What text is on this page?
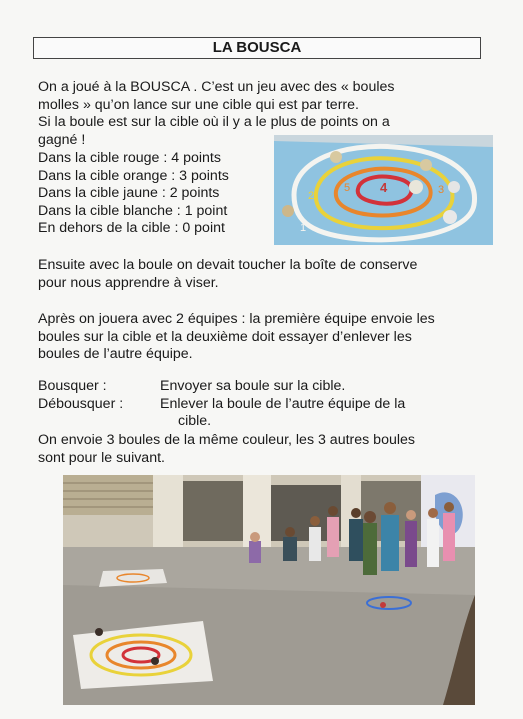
LA BOUSCA
On a joué à la BOUSCA . C’est un jeu avec des « boules
molles » qu’on lance sur une cible qui est par terre.
Si la boule est sur la cible où il y a le plus de points on a
gagné !
Dans la cible rouge : 4 points
Dans la cible orange : 3 points
Dans la cible jaune : 2 points
Dans la cible blanche : 1 point
En dehors de la cible : 0 point
4
5	3
2
1
Ensuite avec la boule on devait toucher la boîte de conserve
pour nous apprendre à viser.
Après on jouera avec 2 équipes : la première équipe envoie les
boules sur la cible et la deuxième doit essayer d’enlever les
boules de l’autre équipe.
Bousquer :	Envoyer sa boule sur la cible.
Débousquer :	Enlever la boule de l’autre équipe de la
cible.
On envoie 3 boules de la même couleur, les 3 autres boules
sont pour le suivant.
